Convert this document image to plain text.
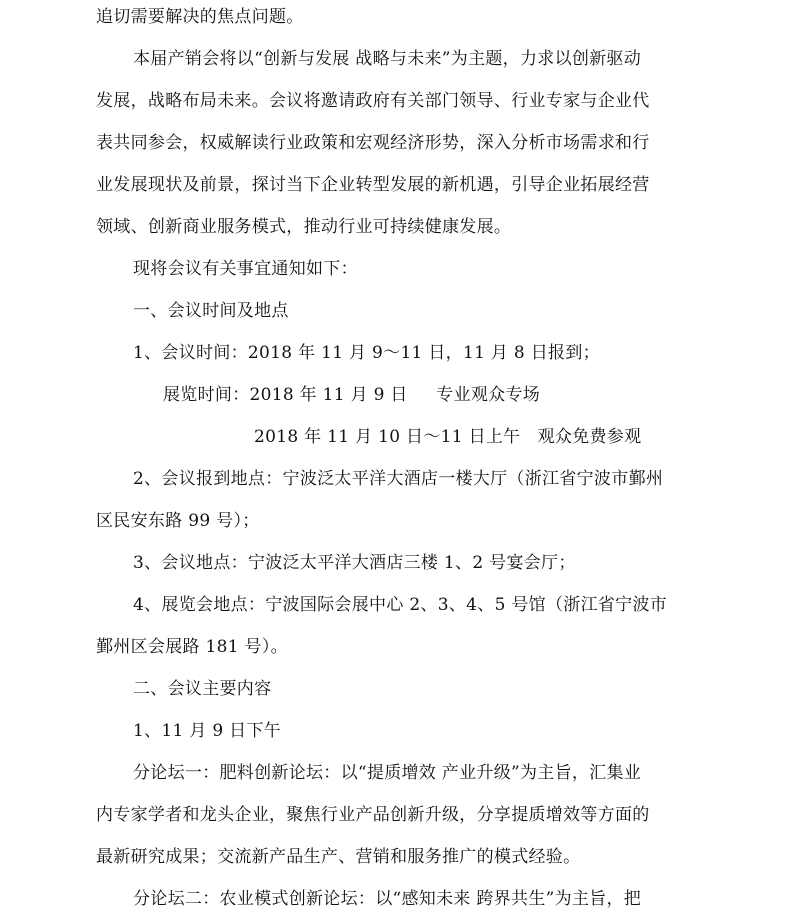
追切需要解决的焦点问题。
本届产销会将以“创新与发展 战略与未来”为主题，力求以创新驱动
发展，战略布局未来。会议将邀请政府有关部门领导、行业专家与企业代
表共同参会，权威解读行业政策和宏观经济形势，深入分析市场需求和行
业发展现状及前景，探讨当下企业转型发展的新机遇，引导企业拓展经营
领域、创新商业服务模式，推动行业可持续健康发展。
现将会议有关事宜通知如下：
一、会议时间及地点
1、会议时间：2018 年 11 月 9～11 日，11 月 8 日报到；
展览时间：2018 年 11 月 9 日     专业观众专场
2018 年 11 月 10 日～11 日上午   观众免费参观
2、会议报到地点：宁波泛太平洋大酒店一楼大厅（浙江省宁波市鄞州
区民安东路 99 号）；
3、会议地点：宁波泛太平洋大酒店三楼 1、2 号宴会厅；
4、展览会地点：宁波国际会展中心 2、3、4、5 号馆（浙江省宁波市
鄞州区会展路 181 号）。
二、会议主要内容
1、11 月 9 日下午
分论坛一：肥料创新论坛：以“提质增效 产业升级”为主旨，汇集业
内专家学者和龙头企业，聚焦行业产品创新升级，分享提质增效等方面的
最新研究成果；交流新产品生产、营销和服务推广的模式经验。
分论坛二：农业模式创新论坛：以“感知未来 跨界共生”为主旨，把
